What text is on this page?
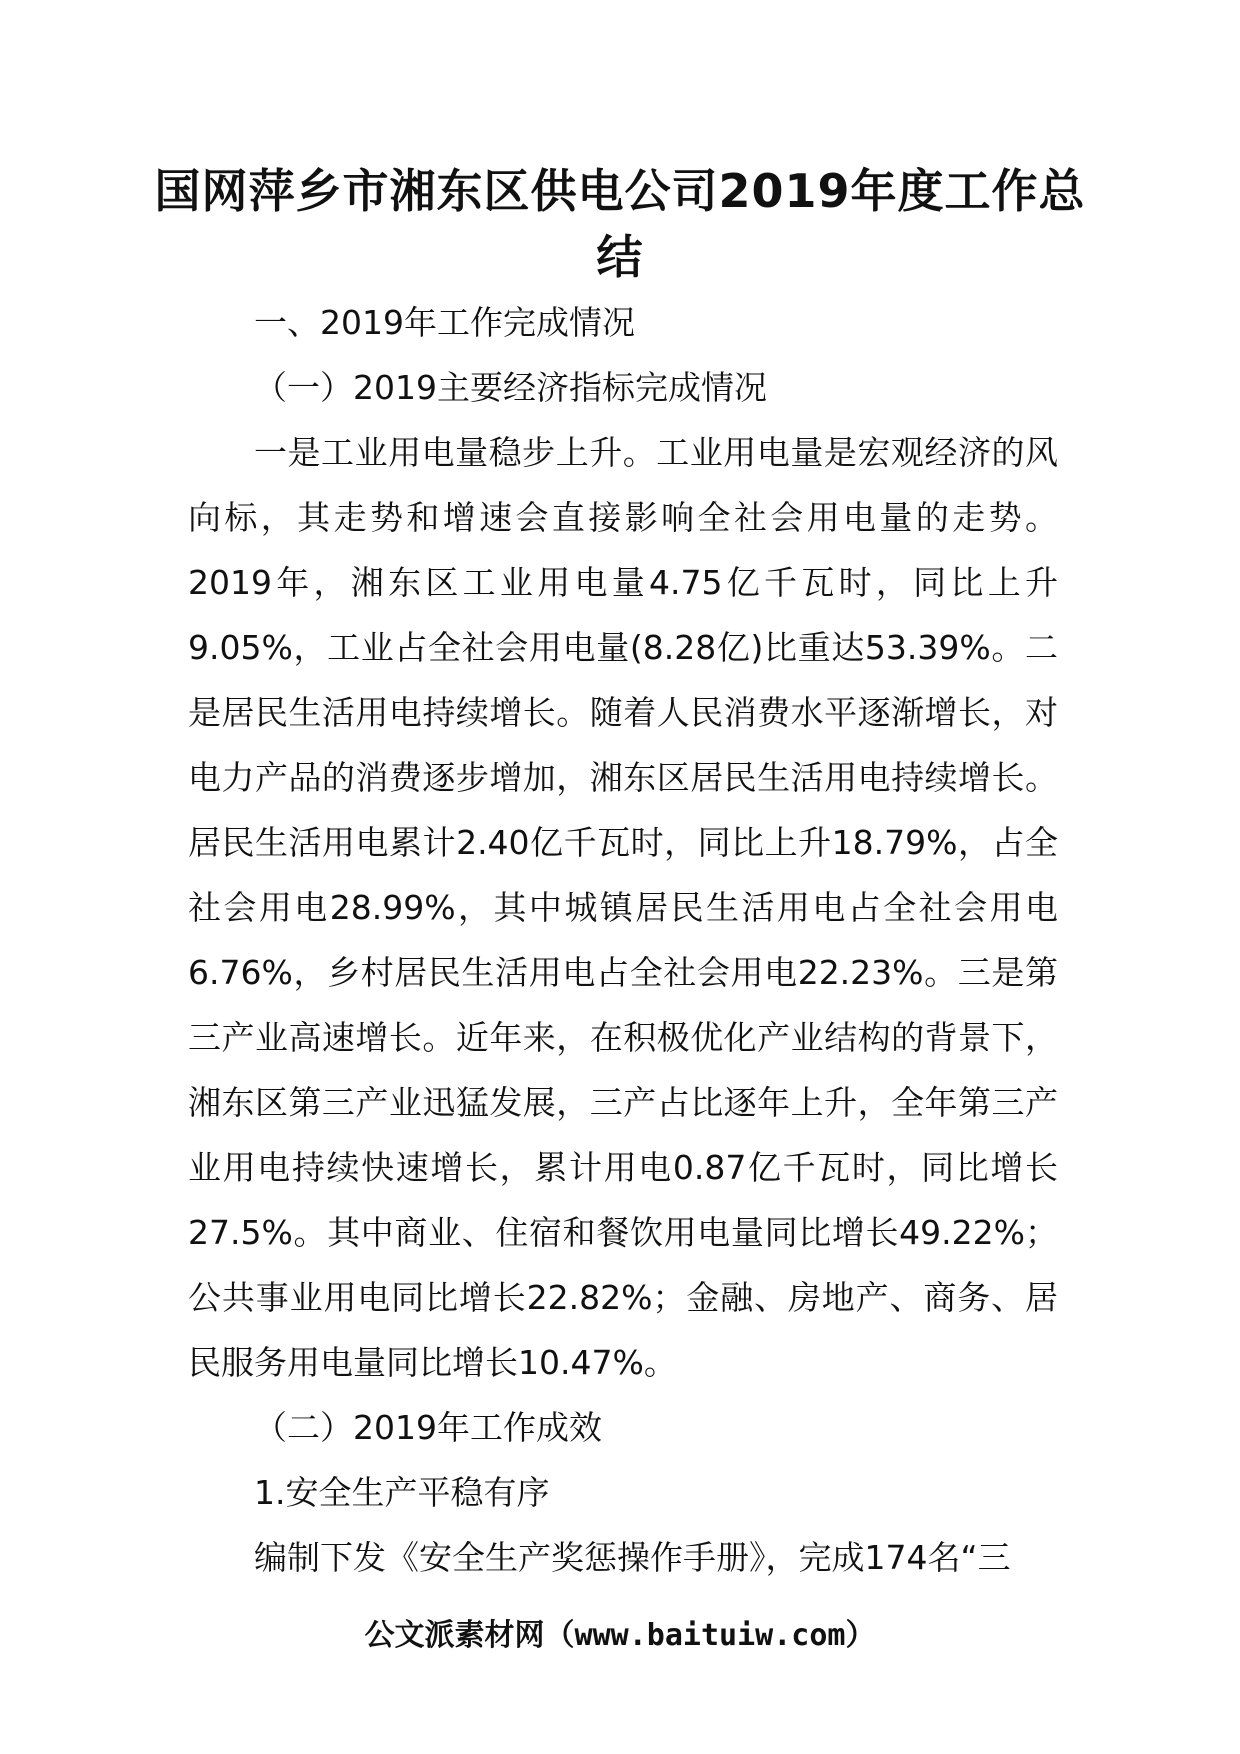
国网萍乡市湘东区供电公司2019年度工作总结

一、2019年工作完成情况

（一）2019主要经济指标完成情况

一是工业用电量稳步上升。工业用电量是宏观经济的风向标，其走势和增速会直接影响全社会用电量的走势。2019年，湘东区工业用电量4.75亿千瓦时，同比上升9.05%，工业占全社会用电量(8.28亿)比重达53.39%。二是居民生活用电持续增长。随着人民消费水平逐渐增长，对电力产品的消费逐步增加，湘东区居民生活用电持续增长。居民生活用电累计2.40亿千瓦时，同比上升18.79%，占全社会用电28.99%，其中城镇居民生活用电占全社会用电6.76%，乡村居民生活用电占全社会用电22.23%。三是第三产业高速增长。近年来，在积极优化产业结构的背景下，湘东区第三产业迅猛发展，三产占比逐年上升，全年第三产业用电持续快速增长，累计用电0.87亿千瓦时，同比增长27.5%。其中商业、住宿和餐饮用电量同比增长49.22%；公共事业用电同比增长22.82%；金融、房地产、商务、居民服务用电量同比增长10.47%。

（二）2019年工作成效

1.安全生产平稳有序

编制下发《安全生产奖惩操作手册》，完成174名“三

公文派素材网（www.baituiw.com）
